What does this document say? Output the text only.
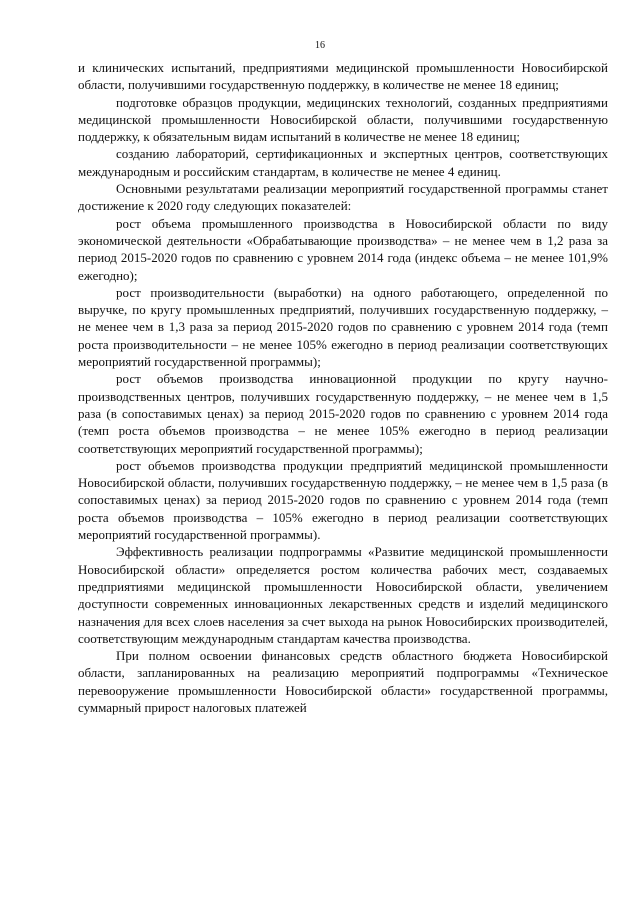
16

и клинических испытаний, предприятиями медицинской промышленности Новосибирской области, получившими государственную поддержку, в количестве не менее 18 единиц;

подготовке образцов продукции, медицинских технологий, созданных предприятиями медицинской промышленности Новосибирской области, получившими государственную поддержку, к обязательным видам испытаний в количестве не менее 18 единиц;

созданию лабораторий, сертификационных и экспертных центров, соответствующих международным и российским стандартам, в количестве не менее 4 единиц.

Основными результатами реализации мероприятий государственной программы станет достижение к 2020 году следующих показателей:

рост объема промышленного производства в Новосибирской области по виду экономической деятельности «Обрабатывающие производства» – не менее чем в 1,2 раза за период 2015-2020 годов по сравнению с уровнем 2014 года (индекс объема – не менее 101,9% ежегодно);

рост производительности (выработки) на одного работающего, определенной по выручке, по кругу промышленных предприятий, получивших государственную поддержку, – не менее чем в 1,3 раза за период 2015-2020 годов по сравнению с уровнем 2014 года (темп роста производительности – не менее 105% ежегодно в период реализации соответствующих мероприятий государственной программы);

рост объемов производства инновационной продукции по кругу научно-производственных центров, получивших государственную поддержку, – не менее чем в 1,5 раза (в сопоставимых ценах) за период 2015-2020 годов по сравнению с уровнем 2014 года (темп роста объемов производства – не менее 105% ежегодно в период реализации соответствующих мероприятий государственной программы);

рост объемов производства продукции предприятий медицинской промышленности Новосибирской области, получивших государственную поддержку, – не менее чем в 1,5 раза (в сопоставимых ценах) за период 2015-2020 годов по сравнению с уровнем 2014 года (темп роста объемов производства – 105% ежегодно в период реализации соответствующих мероприятий государственной программы).

Эффективность реализации подпрограммы «Развитие медицинской промышленности Новосибирской области» определяется ростом количества рабочих мест, создаваемых предприятиями медицинской промышленности Новосибирской области, увеличением доступности современных инновационных лекарственных средств и изделий медицинского назначения для всех слоев населения за счет выхода на рынок Новосибирских производителей, соответствующим международным стандартам качества производства.

При полном освоении финансовых средств областного бюджета Новосибирской области, запланированных на реализацию мероприятий подпрограммы «Техническое перевооружение промышленности Новосибирской области» государственной программы, суммарный прирост налоговых платежей
